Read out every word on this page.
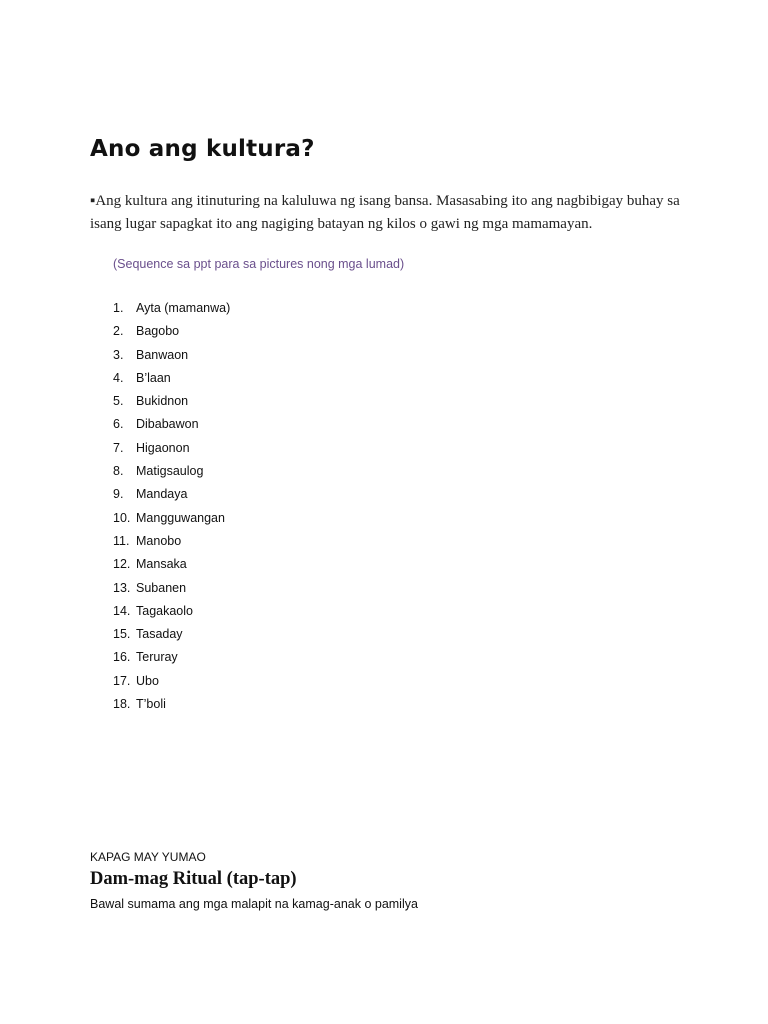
Ano ang kultura?

▪Ang kultura ang itinuturing na kaluluwa ng isang bansa. Masasabing ito ang nagbibigay buhay sa isang lugar sapagkat ito ang nagiging batayan ng kilos o gawi ng mga mamamayan.

(Sequence sa ppt para sa pictures nong mga lumad)

1. Ayta (mamanwa)
2. Bagobo
3. Banwaon
4. B’laan
5. Bukidnon
6. Dibabawon
7. Higaonon
8. Matigsaulog
9. Mandaya
10. Mangguwangan
11. Manobo
12. Mansaka
13. Subanen
14. Tagakaolo
15. Tasaday
16. Teruray
17. Ubo
18. T’boli

KAPAG MAY YUMAO

Dam-mag Ritual (tap-tap)

Bawal sumama ang mga malapit na kamag-anak o pamilya
